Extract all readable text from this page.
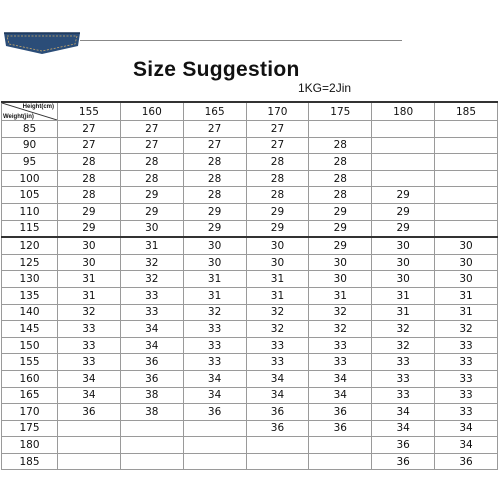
Size Suggestion
1KG=2Jin
Height(cm)
Weight(jin)	155	160	165	170	175	180	185
85	27	27	27	27			
90	27	27	27	27	28		
95	28	28	28	28	28		
100	28	28	28	28	28		
105	28	29	28	28	28	29	
110	29	29	29	29	29	29	
115	29	30	29	29	29	29	
120	30	31	30	30	29	30	30
125	30	32	30	30	30	30	30
130	31	32	31	31	30	30	30
135	31	33	31	31	31	31	31
140	32	33	32	32	32	31	31
145	33	34	33	32	32	32	32
150	33	34	33	33	33	32	33
155	33	36	33	33	33	33	33
160	34	36	34	34	34	33	33
165	34	38	34	34	34	33	33
170	36	38	36	36	36	34	33
175				36	36	34	34
180						36	34
185						36	36
